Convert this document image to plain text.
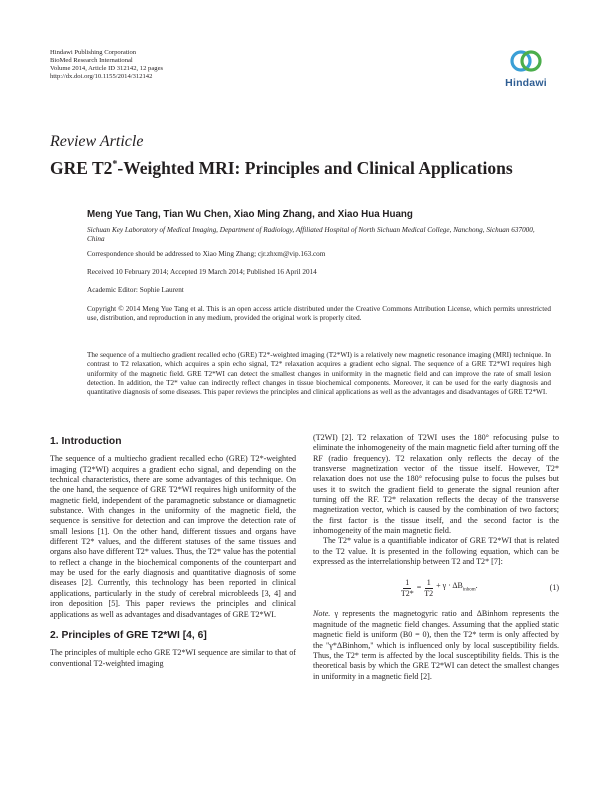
Hindawi Publishing Corporation
BioMed Research International
Volume 2014, Article ID 312142, 12 pages
http://dx.doi.org/10.1155/2014/312142
Hindawi
Review Article
GRE T2*-Weighted MRI: Principles and Clinical Applications
Meng Yue Tang, Tian Wu Chen, Xiao Ming Zhang, and Xiao Hua Huang
Sichuan Key Laboratory of Medical Imaging, Department of Radiology, Affiliated Hospital of North Sichuan Medical College, Nanchong, Sichuan 637000, China
Correspondence should be addressed to Xiao Ming Zhang; cjr.zhxm@vip.163.com
Received 10 February 2014; Accepted 19 March 2014; Published 16 April 2014
Academic Editor: Sophie Laurent
Copyright © 2014 Meng Yue Tang et al. This is an open access article distributed under the Creative Commons Attribution License, which permits unrestricted use, distribution, and reproduction in any medium, provided the original work is properly cited.
The sequence of a multiecho gradient recalled echo (GRE) T2*-weighted imaging (T2*WI) is a relatively new magnetic resonance imaging (MRI) technique. In contrast to T2 relaxation, which acquires a spin echo signal, T2* relaxation acquires a gradient echo signal. The sequence of a GRE T2*WI requires high uniformity of the magnetic field. GRE T2*WI can detect the smallest changes in uniformity in the magnetic field and can improve the rate of small lesion detection. In addition, the T2* value can indirectly reflect changes in tissue biochemical components. Moreover, it can be used for the early diagnosis and quantitative diagnosis of some diseases. This paper reviews the principles and clinical applications as well as the advantages and disadvantages of GRE T2*WI.
1. Introduction

The sequence of a multiecho gradient recalled echo (GRE) T2*-weighted imaging (T2*WI) acquires a gradient echo signal, and depending on the technical characteristics, there are some advantages of this technique. On the one hand, the sequence of GRE T2*WI requires high uniformity of the magnetic field, independent of the paramagnetic substance or diamagnetic substance. With changes in the uniformity of the magnetic field, the sequence is sensitive for detection and can improve the detection rate of small lesions [1]. On the other hand, different tissues and organs have different T2* values, and the different statuses of the same tissues and organs also have different T2* values. Thus, the T2* value has the potential to reflect a change in the biochemical components of the counterpart and may be used for the early diagnosis and quantitative diagnosis of some diseases [2]. Currently, this technology has been reported in clinical applications, particularly in the study of cerebral microbleeds [3, 4] and iron deposition [5]. This paper reviews the principles and clinical applications as well as advantages and disadvantages of GRE T2*WI.

2. Principles of GRE T2*WI [4, 6]

The principles of multiple echo GRE T2*WI sequence are similar to that of conventional T2-weighted imaging

(T2WI) [2]. T2 relaxation of T2WI uses the 180° refocusing pulse to eliminate the inhomogeneity of the main magnetic field after turning off the RF (radio frequency). T2 relaxation only reflects the decay of the transverse magnetization vector of the tissue itself. However, T2* relaxation does not use the 180° refocusing pulse to focus the pulses but uses it to switch the gradient field to generate the signal reunion after turning off the RF. T2* relaxation reflects the decay of the transverse magnetization vector, which is caused by the combination of two factors; the first factor is the tissue itself, and the second factor is the inhomogeneity of the main magnetic field.

The T2* value is a quantifiable indicator of GRE T2*WI that is related to the T2 value. It is presented in the following equation, which can be expressed as the interrelationship between T2 and T2* [7]:

$\frac{1}{T2*} = \frac{1}{T2} + \gamma \cdot \Delta B_{inhom}$.	(1)

Note. γ represents the magnetogyric ratio and ΔBinhom represents the magnitude of the magnetic field changes. Assuming that the applied static magnetic field is uniform (B0 = 0), then the T2* term is only affected by the "γ*ΔBinhom," which is influenced only by local susceptibility fields. Thus, the T2* term is affected by the local susceptibility fields. This is the theoretical basis by which the GRE T2*WI can detect the smallest changes in uniformity in a magnetic field [2].
